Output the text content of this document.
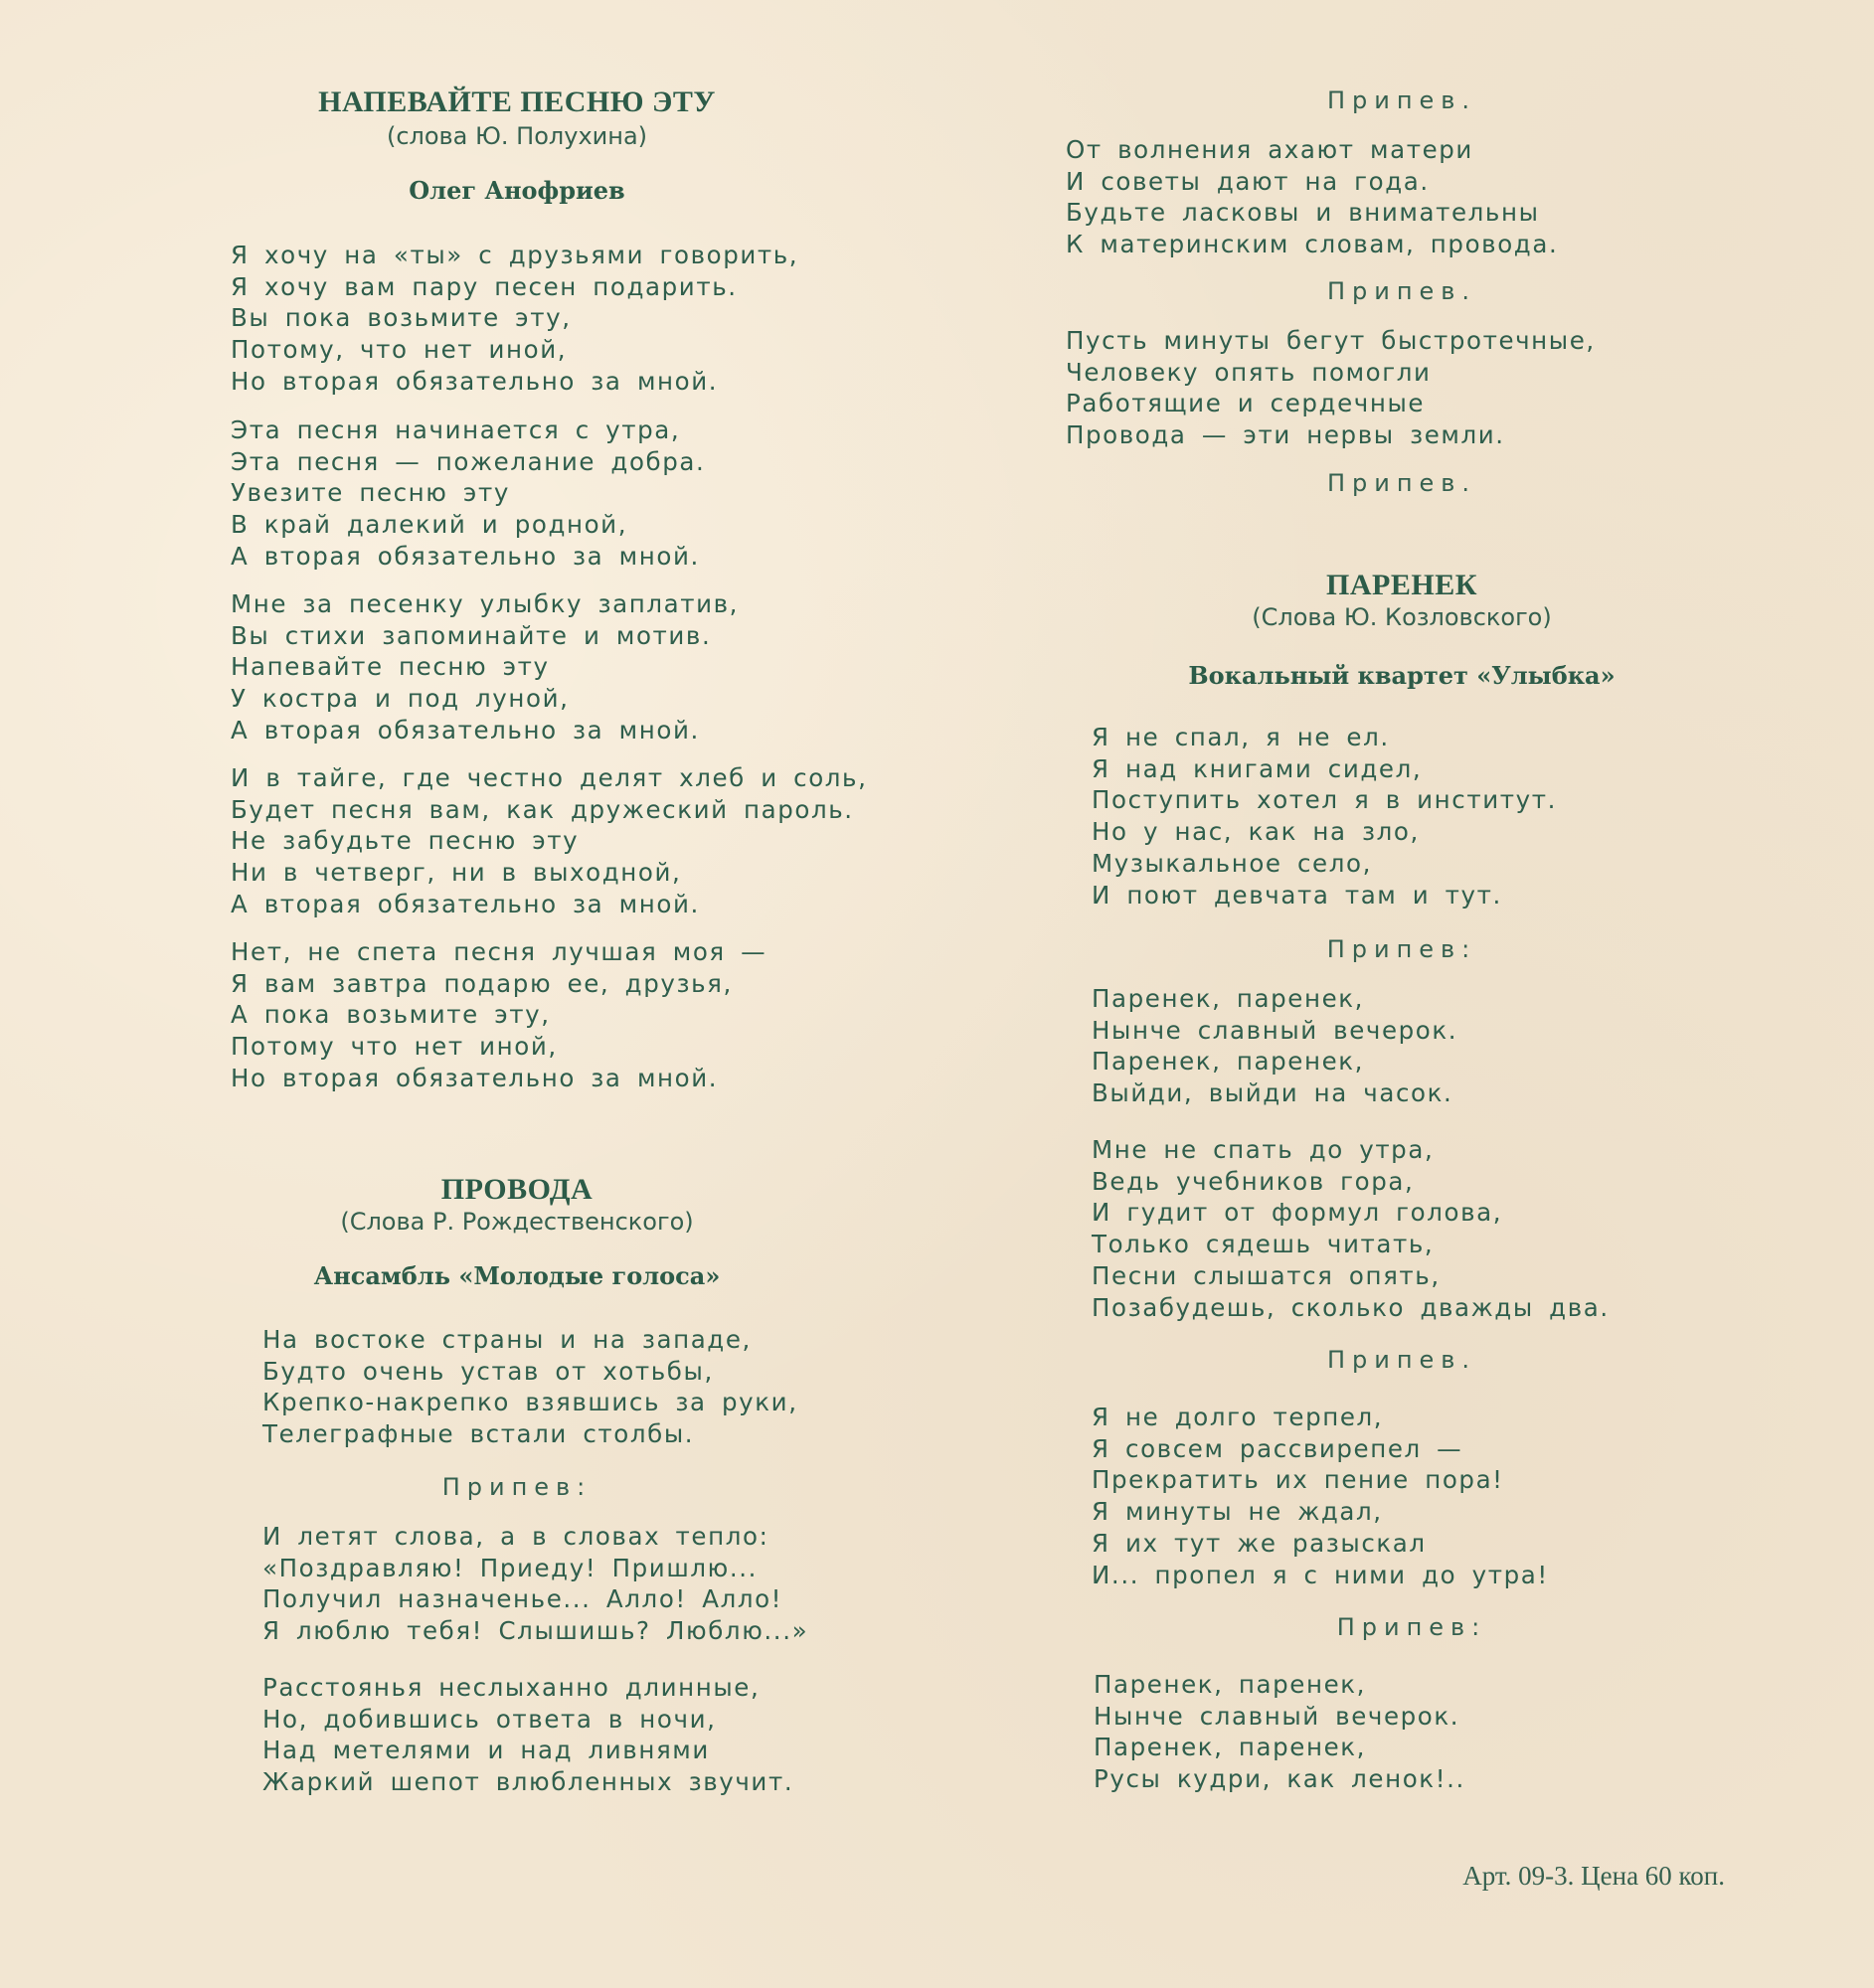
НАПЕВАЙТЕ ПЕСНЮ ЭТУ
(слова Ю. Полухина)
Олег Анофриев
Я хочу на «ты» с друзьями говорить,
Я хочу вам пару песен подарить.
Вы пока возьмите эту,
Потому, что нет иной,
Но вторая обязательно за мной.
Эта песня начинается с утра,
Эта песня — пожелание добра.
Увезите песню эту
В край далекий и родной,
А вторая обязательно за мной.
Мне за песенку улыбку заплатив,
Вы стихи запоминайте и мотив.
Напевайте песню эту
У костра и под луной,
А вторая обязательно за мной.
И в тайге, где честно делят хлеб и соль,
Будет песня вам, как дружеский пароль.
Не забудьте песню эту
Ни в четверг, ни в выходной,
А вторая обязательно за мной.
Нет, не спета песня лучшая моя —
Я вам завтра подарю ее, друзья,
А пока возьмите эту,
Потому что нет иной,
Но вторая обязательно за мной.
ПРОВОДА
(Слова Р. Рождественского)
Ансамбль «Молодые голоса»
На востоке страны и на западе,
Будто очень устав от хотьбы,
Крепко-накрепко взявшись за руки,
Телеграфные встали столбы.
Припев:
И летят слова, а в словах тепло:
«Поздравляю! Приеду! Пришлю...
Получил назначенье... Алло! Алло!
Я люблю тебя! Слышишь? Люблю...»
Расстоянья неслыханно длинные,
Но, добившись ответа в ночи,
Над метелями и над ливнями
Жаркий шепот влюбленных звучит.
Припев.
От волнения ахают матери
И советы дают на года.
Будьте ласковы и внимательны
К материнским словам, провода.
Припев.
Пусть минуты бегут быстротечные,
Человеку опять помогли
Работящие и сердечные
Провода — эти нервы земли.
Припев.
ПАРЕНЕК
(Слова Ю. Козловского)
Вокальный квартет «Улыбка»
Я не спал, я не ел.
Я над книгами сидел,
Поступить хотел я в институт.
Но у нас, как на зло,
Музыкальное село,
И поют девчата там и тут.
Припев:
Паренек, паренек,
Нынче славный вечерок.
Паренек, паренек,
Выйди, выйди на часок.
Мне не спать до утра,
Ведь учебников гора,
И гудит от формул голова,
Только сядешь читать,
Песни слышатся опять,
Позабудешь, сколько дважды два.
Припев.
Я не долго терпел,
Я совсем рассвирепел —
Прекратить их пение пора!
Я минуты не ждал,
Я их тут же разыскал
И... пропел я с ними до утра!
Припев:
Паренек, паренек,
Нынче славный вечерок.
Паренек, паренек,
Русы кудри, как ленок!..
Арт. 09-3. Цена 60 коп.
